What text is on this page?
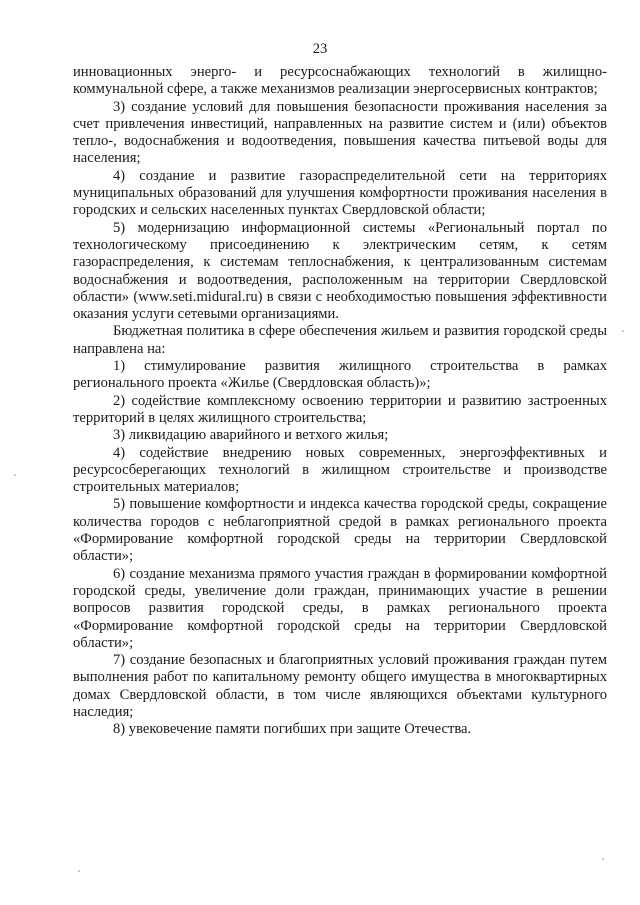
23

инновационных энерго- и ресурсоснабжающих технологий в жилищно-коммунальной сфере, а также механизмов реализации энергосервисных контрактов;

3) создание условий для повышения безопасности проживания населения за счет привлечения инвестиций, направленных на развитие систем и (или) объектов тепло-, водоснабжения и водоотведения, повышения качества питьевой воды для населения;

4) создание и развитие газораспределительной сети на территориях муниципальных образований для улучшения комфортности проживания населения в городских и сельских населенных пунктах Свердловской области;

5) модернизацию информационной системы «Региональный портал по технологическому присоединению к электрическим сетям, к сетям газораспределения, к системам теплоснабжения, к централизованным системам водоснабжения и водоотведения, расположенным на территории Свердловской области» (www.seti.midural.ru) в связи с необходимостью повышения эффективности оказания услуги сетевыми организациями.

Бюджетная политика в сфере обеспечения жильем и развития городской среды направлена на:

1) стимулирование развития жилищного строительства в рамках регионального проекта «Жилье (Свердловская область)»;

2) содействие комплексному освоению территории и развитию застроенных территорий в целях жилищного строительства;

3) ликвидацию аварийного и ветхого жилья;

4) содействие внедрению новых современных, энергоэффективных и ресурсосберегающих технологий в жилищном строительстве и производстве строительных материалов;

5) повышение комфортности и индекса качества городской среды, сокращение количества городов с неблагоприятной средой в рамках регионального проекта «Формирование комфортной городской среды на территории Свердловской области»;

6) создание механизма прямого участия граждан в формировании комфортной городской среды, увеличение доли граждан, принимающих участие в решении вопросов развития городской среды, в рамках регионального проекта «Формирование комфортной городской среды на территории Свердловской области»;

7) создание безопасных и благоприятных условий проживания граждан путем выполнения работ по капитальному ремонту общего имущества в многоквартирных домах Свердловской области, в том числе являющихся объектами культурного наследия;

8) увековечение памяти погибших при защите Отечества.
